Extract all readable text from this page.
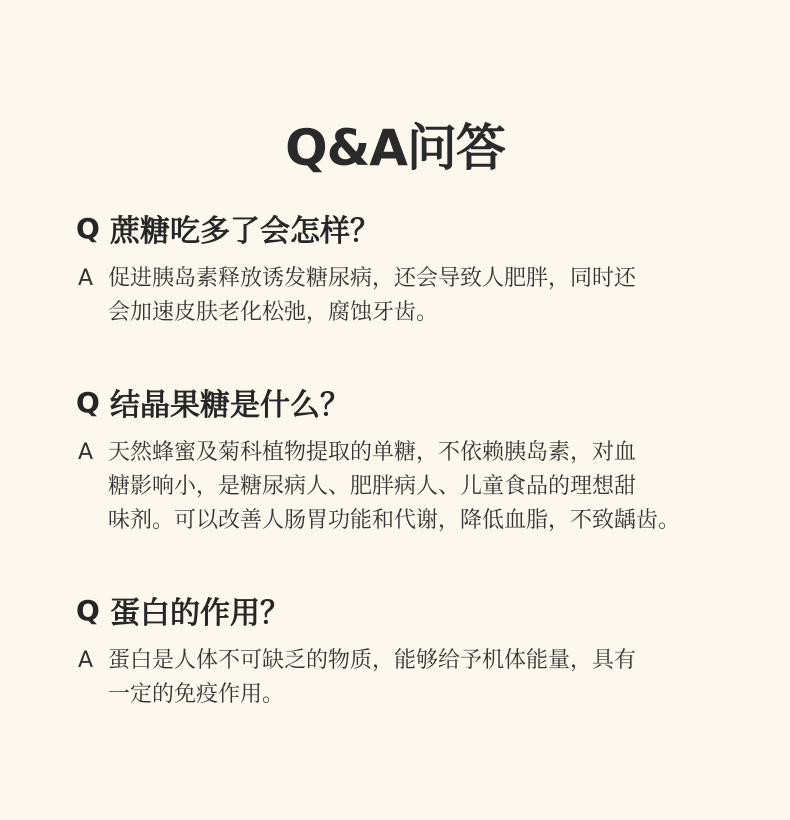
Q&A问答
Q 蔗糖吃多了会怎样？
A 促进胰岛素释放诱发糖尿病，还会导致人肥胖，同时还
会加速皮肤老化松弛，腐蚀牙齿。
Q 结晶果糖是什么？
A 天然蜂蜜及菊科植物提取的单糖，不依赖胰岛素，对血
糖影响小，是糖尿病人、肥胖病人、儿童食品的理想甜
味剂。可以改善人肠胃功能和代谢，降低血脂，不致龋齿。
Q 蛋白的作用？
A 蛋白是人体不可缺乏的物质，能够给予机体能量，具有
一定的免疫作用。
